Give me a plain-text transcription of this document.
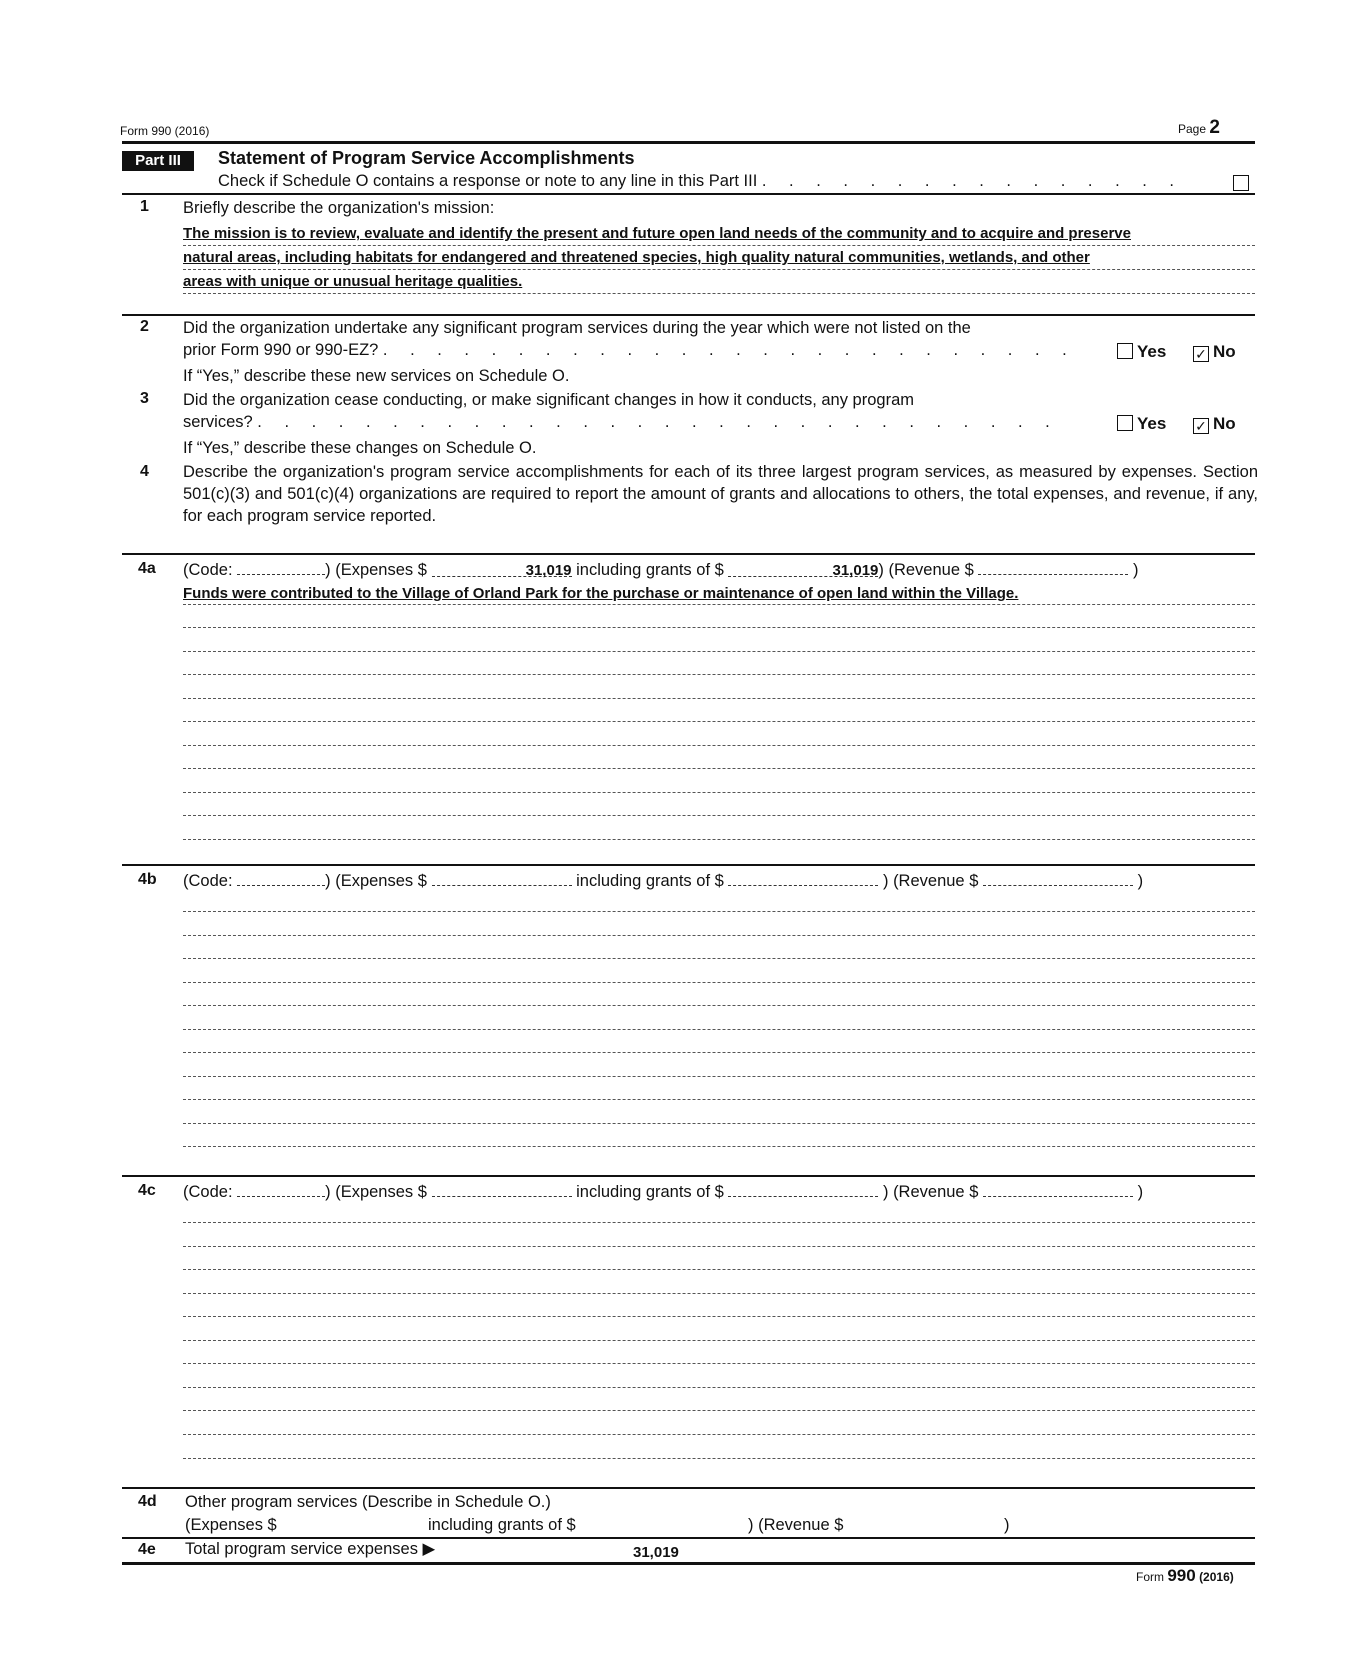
Form 990 (2016)	Page 2
Part III	Statement of Program Service Accomplishments
Check if Schedule O contains a response or note to any line in this Part III . . . . . . . . . . . . . . . .
1 Briefly describe the organization's mission:
The mission is to review, evaluate and identify the present and future open land needs of the community and to acquire and preserve
natural areas, including habitats for endangered and threatened species, high quality natural communities, wetlands, and other
areas with unique or unusual heritage qualities.
2 Did the organization undertake any significant program services during the year which were not listed on the
prior Form 990 or 990-EZ? . . . . . . . . . . . . . . . . . . . . . . . . . .	Yes ✓ No
If “Yes,” describe these new services on Schedule O.
3 Did the organization cease conducting, or make significant changes in how it conducts, any program
services? . . . . . . . . . . . . . . . . . . . . . . . . . . . . . .	Yes ✓ No
If “Yes,” describe these changes on Schedule O.
4 Describe the organization's program service accomplishments for each of its three largest program services, as measured by expenses. Section 501(c)(3) and 501(c)(4) organizations are required to report the amount of grants and allocations to others, the total expenses, and revenue, if any, for each program service reported.
4a (Code:	) (Expenses $	31,019 including grants of $	31,019) (Revenue $	)
Funds were contributed to the Village of Orland Park for the purchase or maintenance of open land within the Village.
4b (Code:	) (Expenses $	including grants of $	) (Revenue $	)
4c (Code:	) (Expenses $	including grants of $	) (Revenue $	)
4d Other program services (Describe in Schedule O.)
(Expenses $	including grants of $	) (Revenue $	)
4e Total program service expenses ▶	31,019
Form 990 (2016)
